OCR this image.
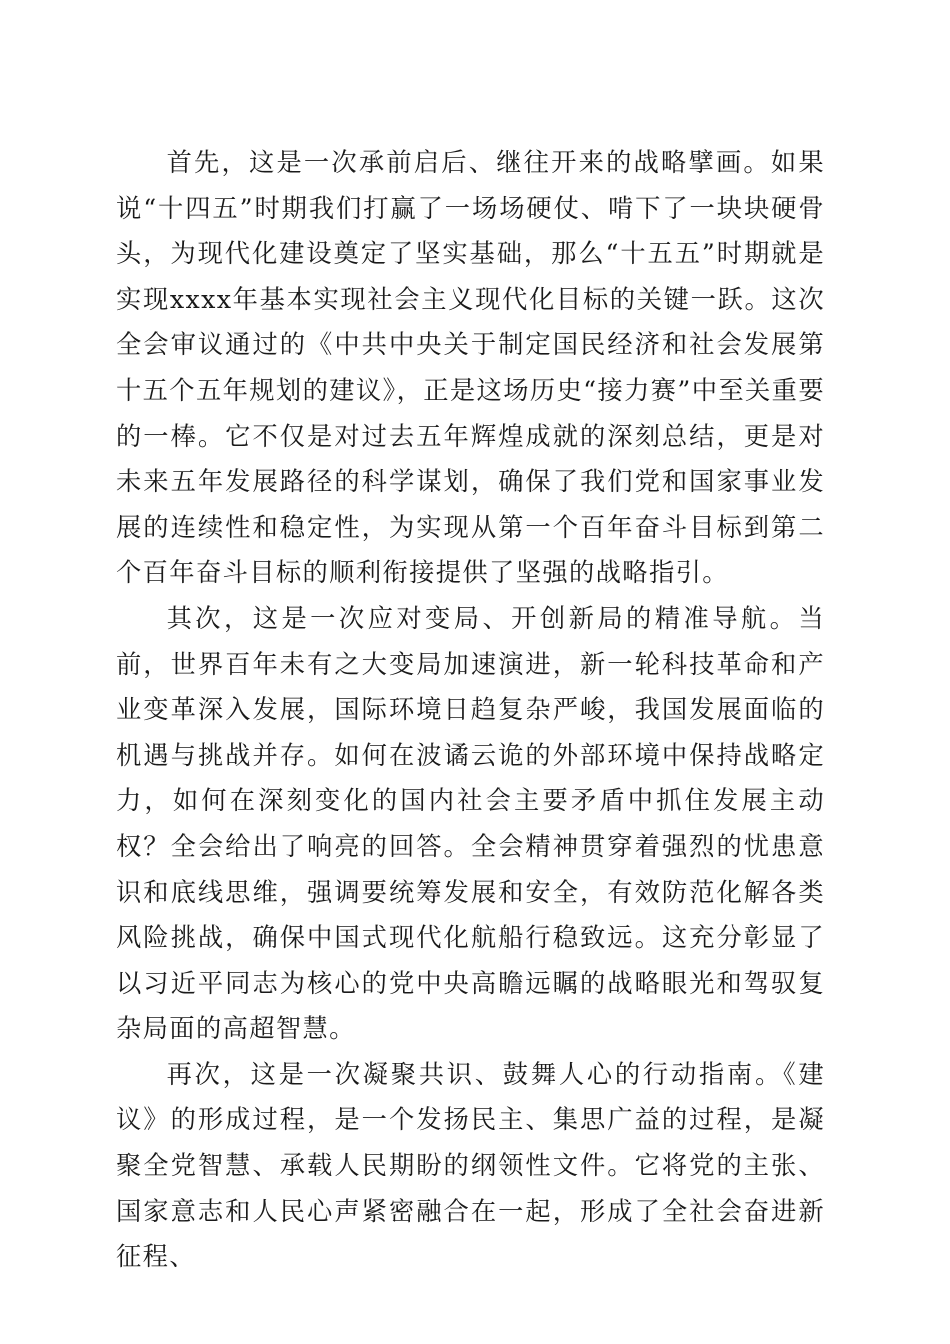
首先，这是一次承前启后、继往开来的战略擘画。如果说“十四五”时期我们打赢了一场场硬仗、啃下了一块块硬骨头，为现代化建设奠定了坚实基础，那么“十五五”时期就是实现xxxx年基本实现社会主义现代化目标的关键一跃。这次全会审议通过的《中共中央关于制定国民经济和社会发展第十五个五年规划的建议》，正是这场历史“接力赛”中至关重要的一棒。它不仅是对过去五年辉煌成就的深刻总结，更是对未来五年发展路径的科学谋划，确保了我们党和国家事业发展的连续性和稳定性，为实现从第一个百年奋斗目标到第二个百年奋斗目标的顺利衔接提供了坚强的战略指引。

其次，这是一次应对变局、开创新局的精准导航。当前，世界百年未有之大变局加速演进，新一轮科技革命和产业变革深入发展，国际环境日趋复杂严峻，我国发展面临的机遇与挑战并存。如何在波谲云诡的外部环境中保持战略定力，如何在深刻变化的国内社会主要矛盾中抓住发展主动权？全会给出了响亮的回答。全会精神贯穿着强烈的忧患意识和底线思维，强调要统筹发展和安全，有效防范化解各类风险挑战，确保中国式现代化航船行稳致远。这充分彰显了以习近平同志为核心的党中央高瞻远瞩的战略眼光和驾驭复杂局面的高超智慧。

再次，这是一次凝聚共识、鼓舞人心的行动指南。《建议》的形成过程，是一个发扬民主、集思广益的过程，是凝聚全党智慧、承载人民期盼的纲领性文件。它将党的主张、国家意志和人民心声紧密融合在一起，形成了全社会奋进新征程、
